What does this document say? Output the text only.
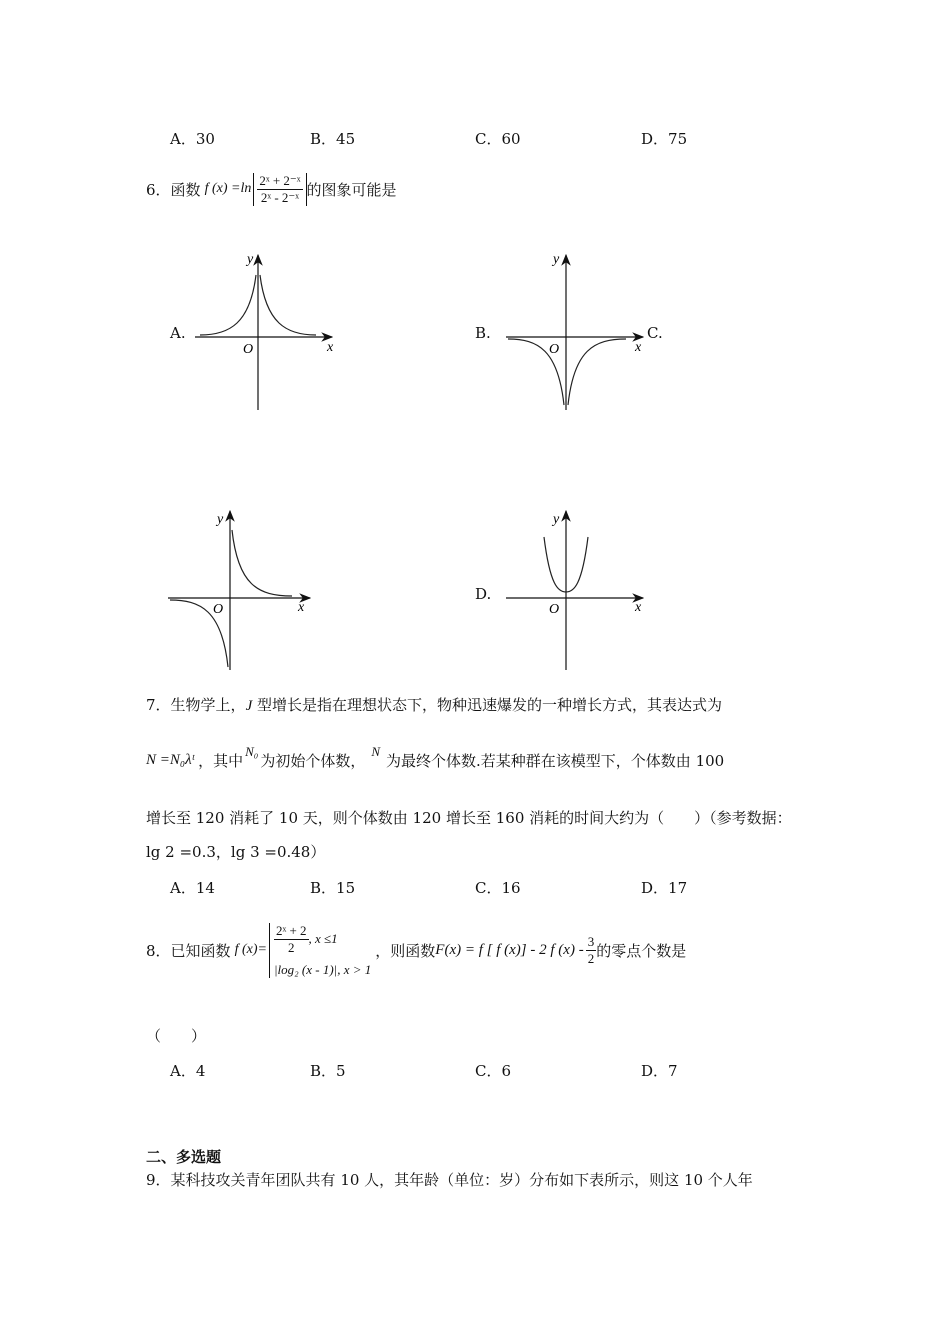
A．30	B．45	C．60	D．75
6． 函数 f $(x) =\ln \frac{\text{2ˣ + 2⁻ˣ}}{\text{2ˣ - 2⁻ˣ}}$ 的图象可能是
A.	B.	C.
D.
y
x
O
y
x
O
y
x
O
y
x
O
7．生物学上，J 型增长是指在理想状态下，物种迅速爆发的一种增长方式，其表达式为
N =N₀λᵗ ，其中 N₀ 为初始个体数， N 为最终个体数.若某种群在该模型下，个体数由 100
增长至 120 消耗了 10 天，则个体数由 120 增长至 160 消耗的时间大约为（　　）（参考数据：
lg 2 =0.3，lg 3 =0.48）
A．14	B．15	C．16	D．17
8． 已知函数 f $(x)= \frac{\text{2ˣ + 2}}{2}$ , x ≤1
|log₂ (x - 1)|, x > 1
，则函数 F(x) = f [ f (x)] - 2 f $(x) - \frac{3}{2}$ 的零点个数是
（　　）
A．4	B．5	C．6	D．7
二、多选题
9．某科技攻关青年团队共有 10 人，其年龄（单位：岁）分布如下表所示，则这 10 个人年
